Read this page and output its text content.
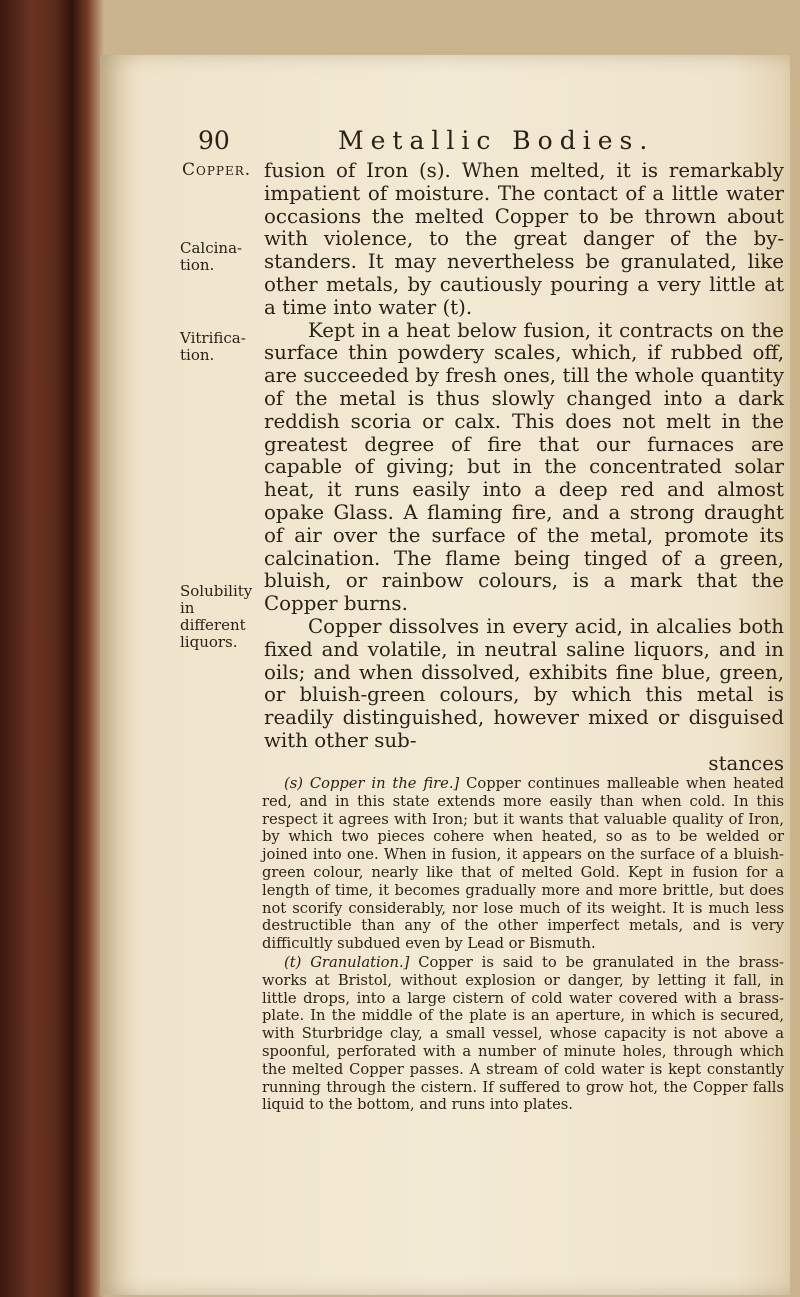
90	Metallic Bodies.
Copper.
Calcina-tion.
Vitrifica-tion.
Solubility in different liquors.

fusion of Iron (s). When melted, it is remarkably impatient of moisture. The contact of a little water occasions the melted Copper to be thrown about with violence, to the great danger of the by-standers. It may nevertheless be granulated, like other metals, by cautiously pouring a very little at a time into water (t).

Kept in a heat below fusion, it contracts on the surface thin powdery scales, which, if rubbed off, are succeeded by fresh ones, till the whole quantity of the metal is thus slowly changed into a dark reddish scoria or calx. This does not melt in the greatest degree of fire that our furnaces are capable of giving; but in the concentrated solar heat, it runs easily into a deep red and almost opake Glass. A flaming fire, and a strong draught of air over the surface of the metal, promote its calcination. The flame being tinged of a green, bluish, or rainbow colours, is a mark that the Copper burns.

Copper dissolves in every acid, in alcalies both fixed and volatile, in neutral saline liquors, and in oils; and when dissolved, exhibits fine blue, green, or bluish-green colours, by which this metal is readily distinguished, however mixed or disguised with other sub-

stances

(s) Copper in the fire.] Copper continues malleable when heated red, and in this state extends more easily than when cold. In this respect it agrees with Iron; but it wants that valuable quality of Iron, by which two pieces cohere when heated, so as to be welded or joined into one. When in fusion, it appears on the surface of a bluish-green colour, nearly like that of melted Gold. Kept in fusion for a length of time, it becomes gradually more and more brittle, but does not scorify considerably, nor lose much of its weight. It is much less destructible than any of the other imperfect metals, and is very difficultly subdued even by Lead or Bismuth.

(t) Granulation.] Copper is said to be granulated in the brass-works at Bristol, without explosion or danger, by letting it fall, in little drops, into a large cistern of cold water covered with a brass-plate. In the middle of the plate is an aperture, in which is secured, with Sturbridge clay, a small vessel, whose capacity is not above a spoonful, perforated with a number of minute holes, through which the melted Copper passes. A stream of cold water is kept constantly running through the cistern. If suffered to grow hot, the Copper falls liquid to the bottom, and runs into plates.
